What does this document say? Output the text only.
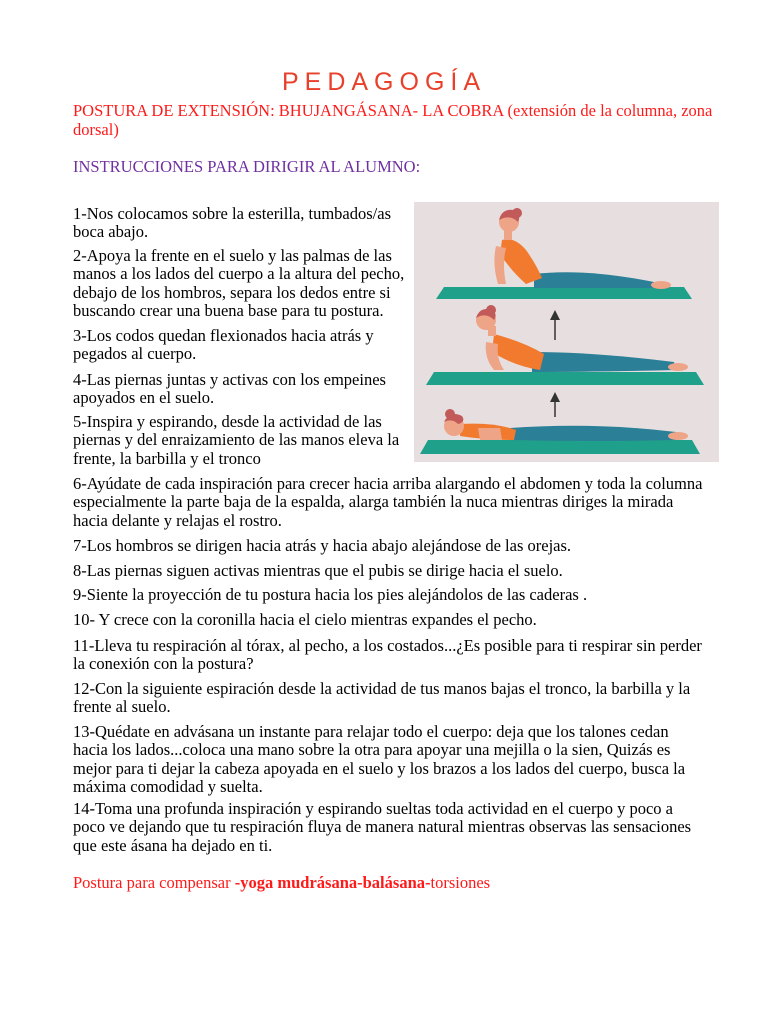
PEDAGOGÍA
POSTURA DE EXTENSIÓN: BHUJANGÁSANA- LA COBRA (extensión de la columna, zona dorsal)
INSTRUCCIONES PARA DIRIGIR AL ALUMNO:
1-Nos colocamos sobre la esterilla, tumbados/as boca abajo.
2-Apoya la frente en el suelo y las palmas de las manos a los lados del cuerpo a la altura del pecho, debajo de los hombros, separa los dedos entre si buscando crear una buena base para tu postura.
3-Los codos quedan flexionados hacia atrás y pegados al cuerpo.
4-Las piernas juntas y activas con los empeines apoyados en el suelo.
5-Inspira y espirando, desde la actividad de las piernas y del enraizamiento de las manos eleva la frente, la barbilla y el tronco
6-Ayúdate de cada inspiración para crecer hacia arriba alargando el abdomen y toda la columna especialmente la parte baja de la espalda, alarga también la nuca mientras diriges la mirada hacia delante y relajas el rostro.
7-Los hombros se dirigen hacia atrás y hacia abajo alejándose de las orejas.
8-Las piernas siguen activas mientras que el pubis se dirige hacia el suelo.
9-Siente la proyección de tu postura hacia los pies alejándolos de las caderas .
10- Y crece con la coronilla hacia el cielo mientras expandes el pecho.
11-Lleva tu respiración al tórax, al pecho, a los costados...¿Es posible para ti respirar sin perder la conexión con la postura?
12-Con la siguiente espiración desde la actividad de tus manos bajas el tronco, la barbilla y la frente al suelo.
13-Quédate en advásana un instante para relajar todo el cuerpo: deja que los talones cedan hacia los lados...coloca una mano sobre la otra para apoyar una mejilla o la sien, Quizás es mejor para ti dejar la cabeza apoyada en el suelo y los brazos a los lados del cuerpo, busca la máxima comodidad y suelta.
14-Toma una profunda inspiración y espirando sueltas toda actividad en el cuerpo y poco a poco ve dejando que tu respiración fluya de manera natural mientras observas las sensaciones que este ásana ha dejado en ti.
Postura para compensar -yoga mudrásana-balásana-torsiones
